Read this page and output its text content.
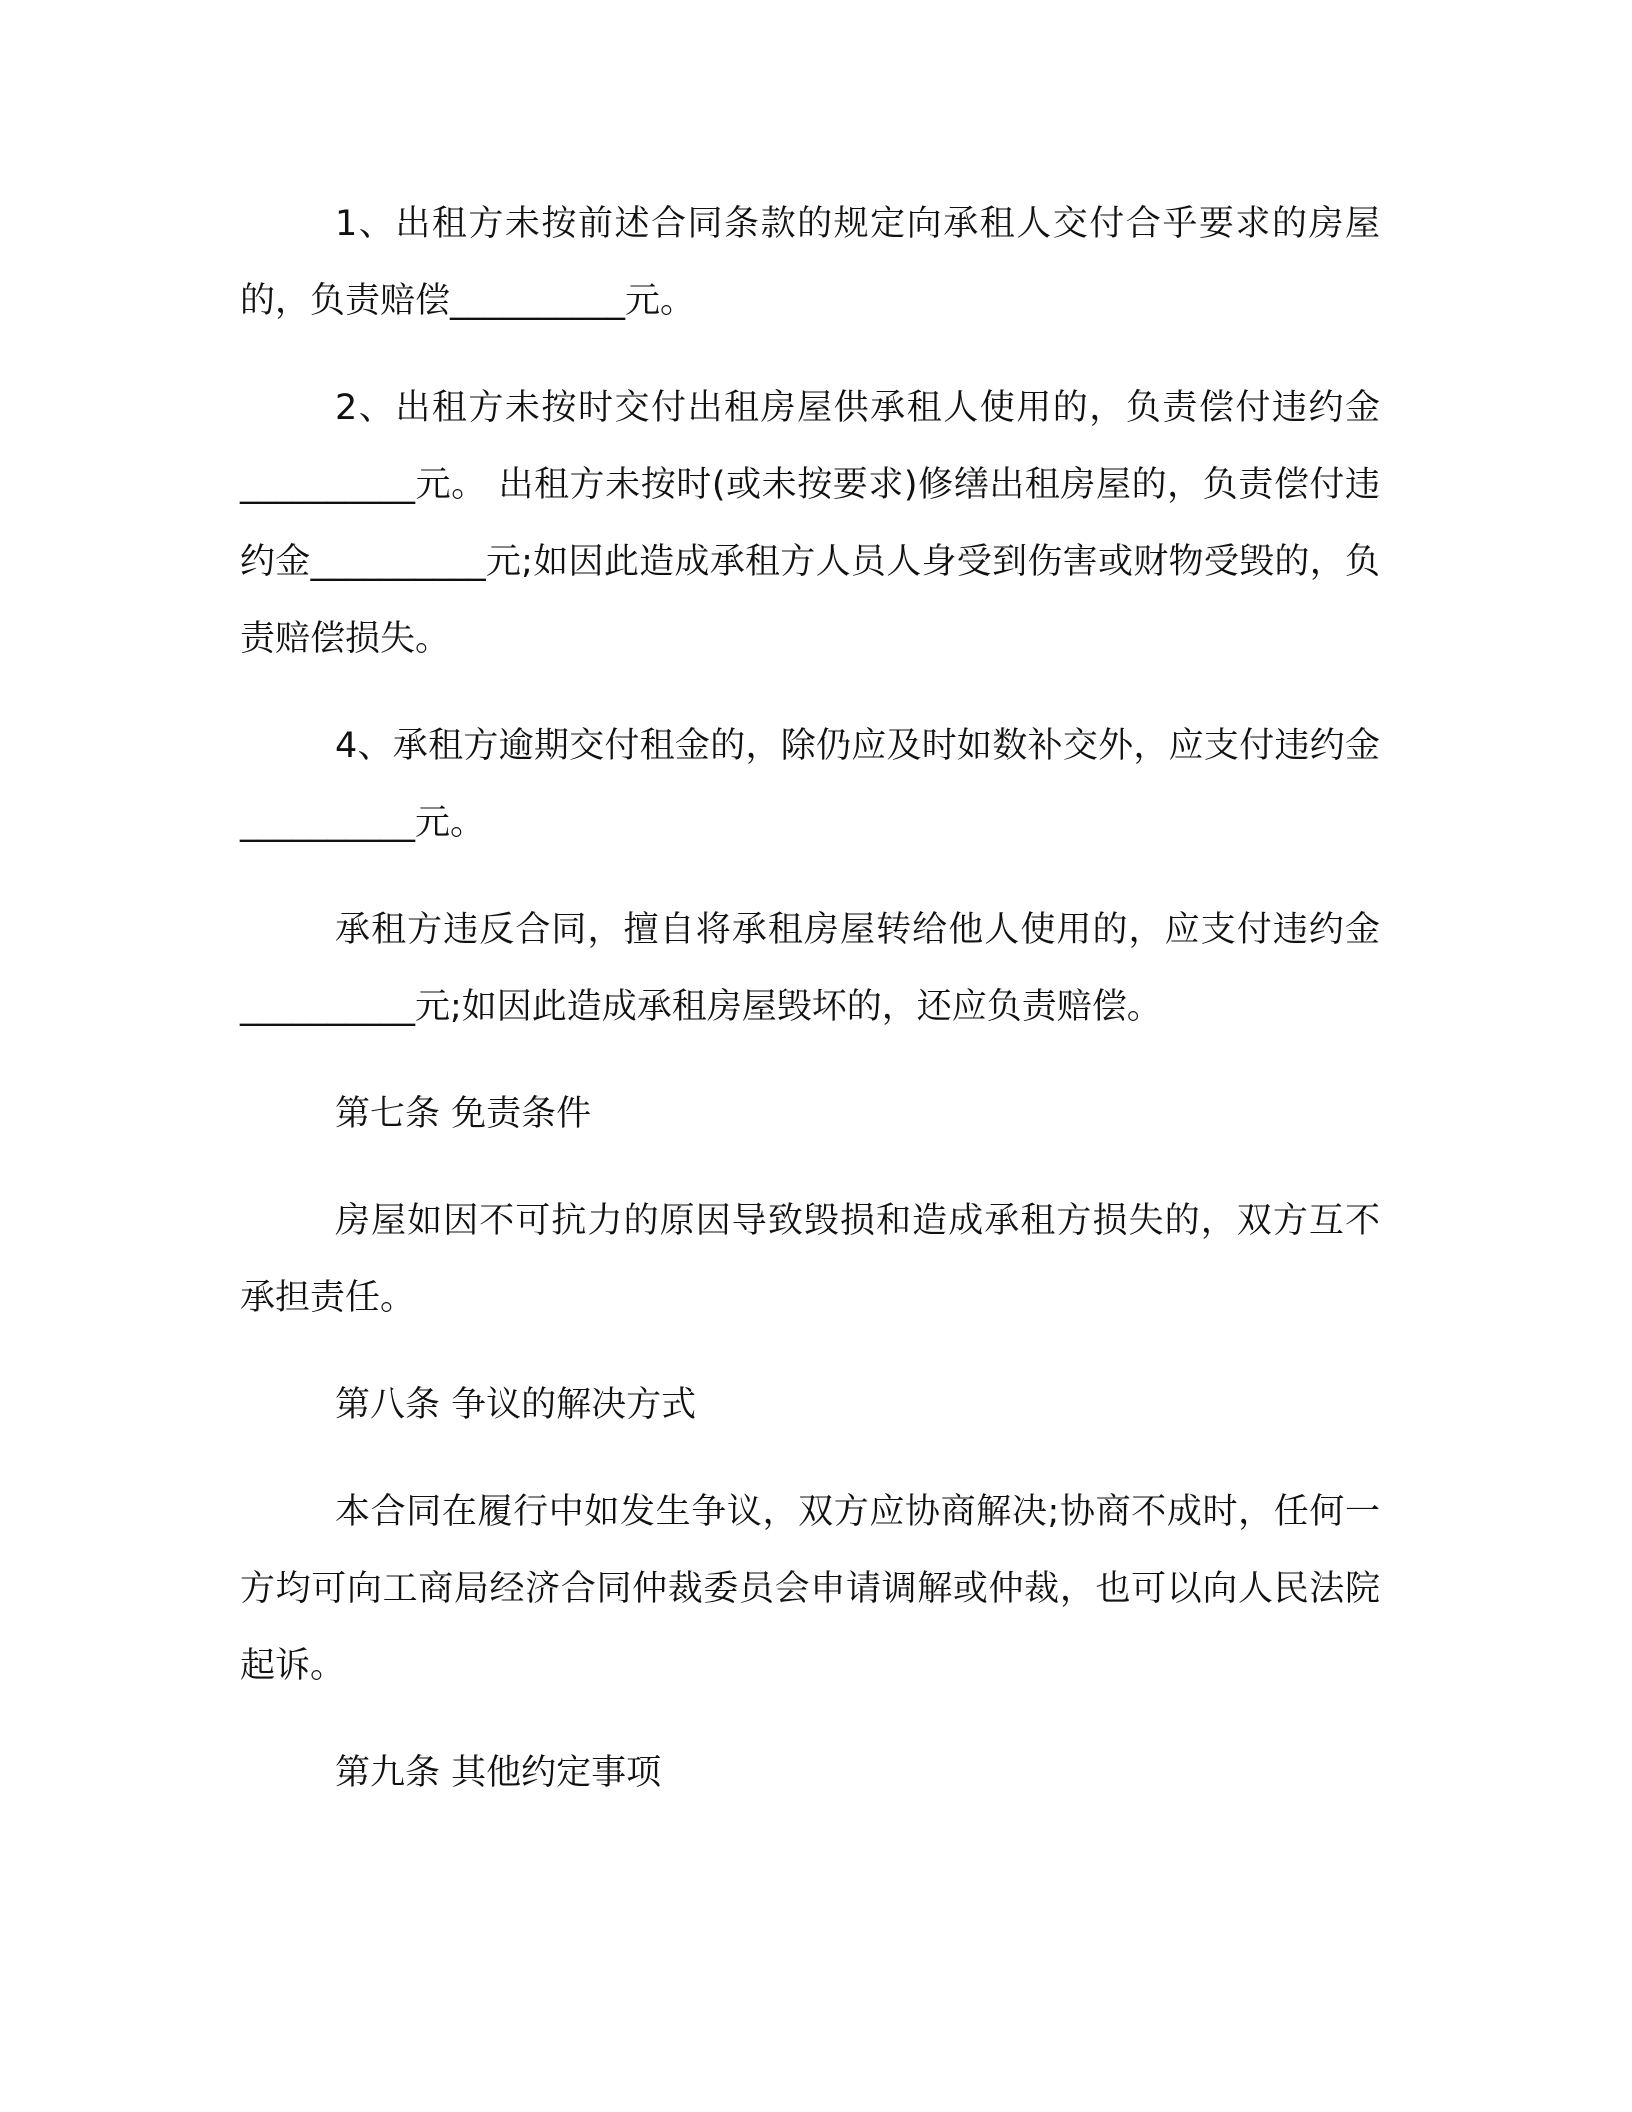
1、出租方未按前述合同条款的规定向承租人交付合乎要求的房屋的，负责赔偿__________元。

2、出租方未按时交付出租房屋供承租人使用的，负责偿付违约金__________元。 出租方未按时(或未按要求)修缮出租房屋的，负责偿付违约金__________元;如因此造成承租方人员人身受到伤害或财物受毁的，负责赔偿损失。

4、承租方逾期交付租金的，除仍应及时如数补交外，应支付违约金__________元。

承租方违反合同，擅自将承租房屋转给他人使用的，应支付违约金__________元;如因此造成承租房屋毁坏的，还应负责赔偿。

第七条 免责条件

房屋如因不可抗力的原因导致毁损和造成承租方损失的，双方互不承担责任。

第八条 争议的解决方式

本合同在履行中如发生争议，双方应协商解决;协商不成时，任何一方均可向工商局经济合同仲裁委员会申请调解或仲裁，也可以向人民法院起诉。

第九条 其他约定事项
